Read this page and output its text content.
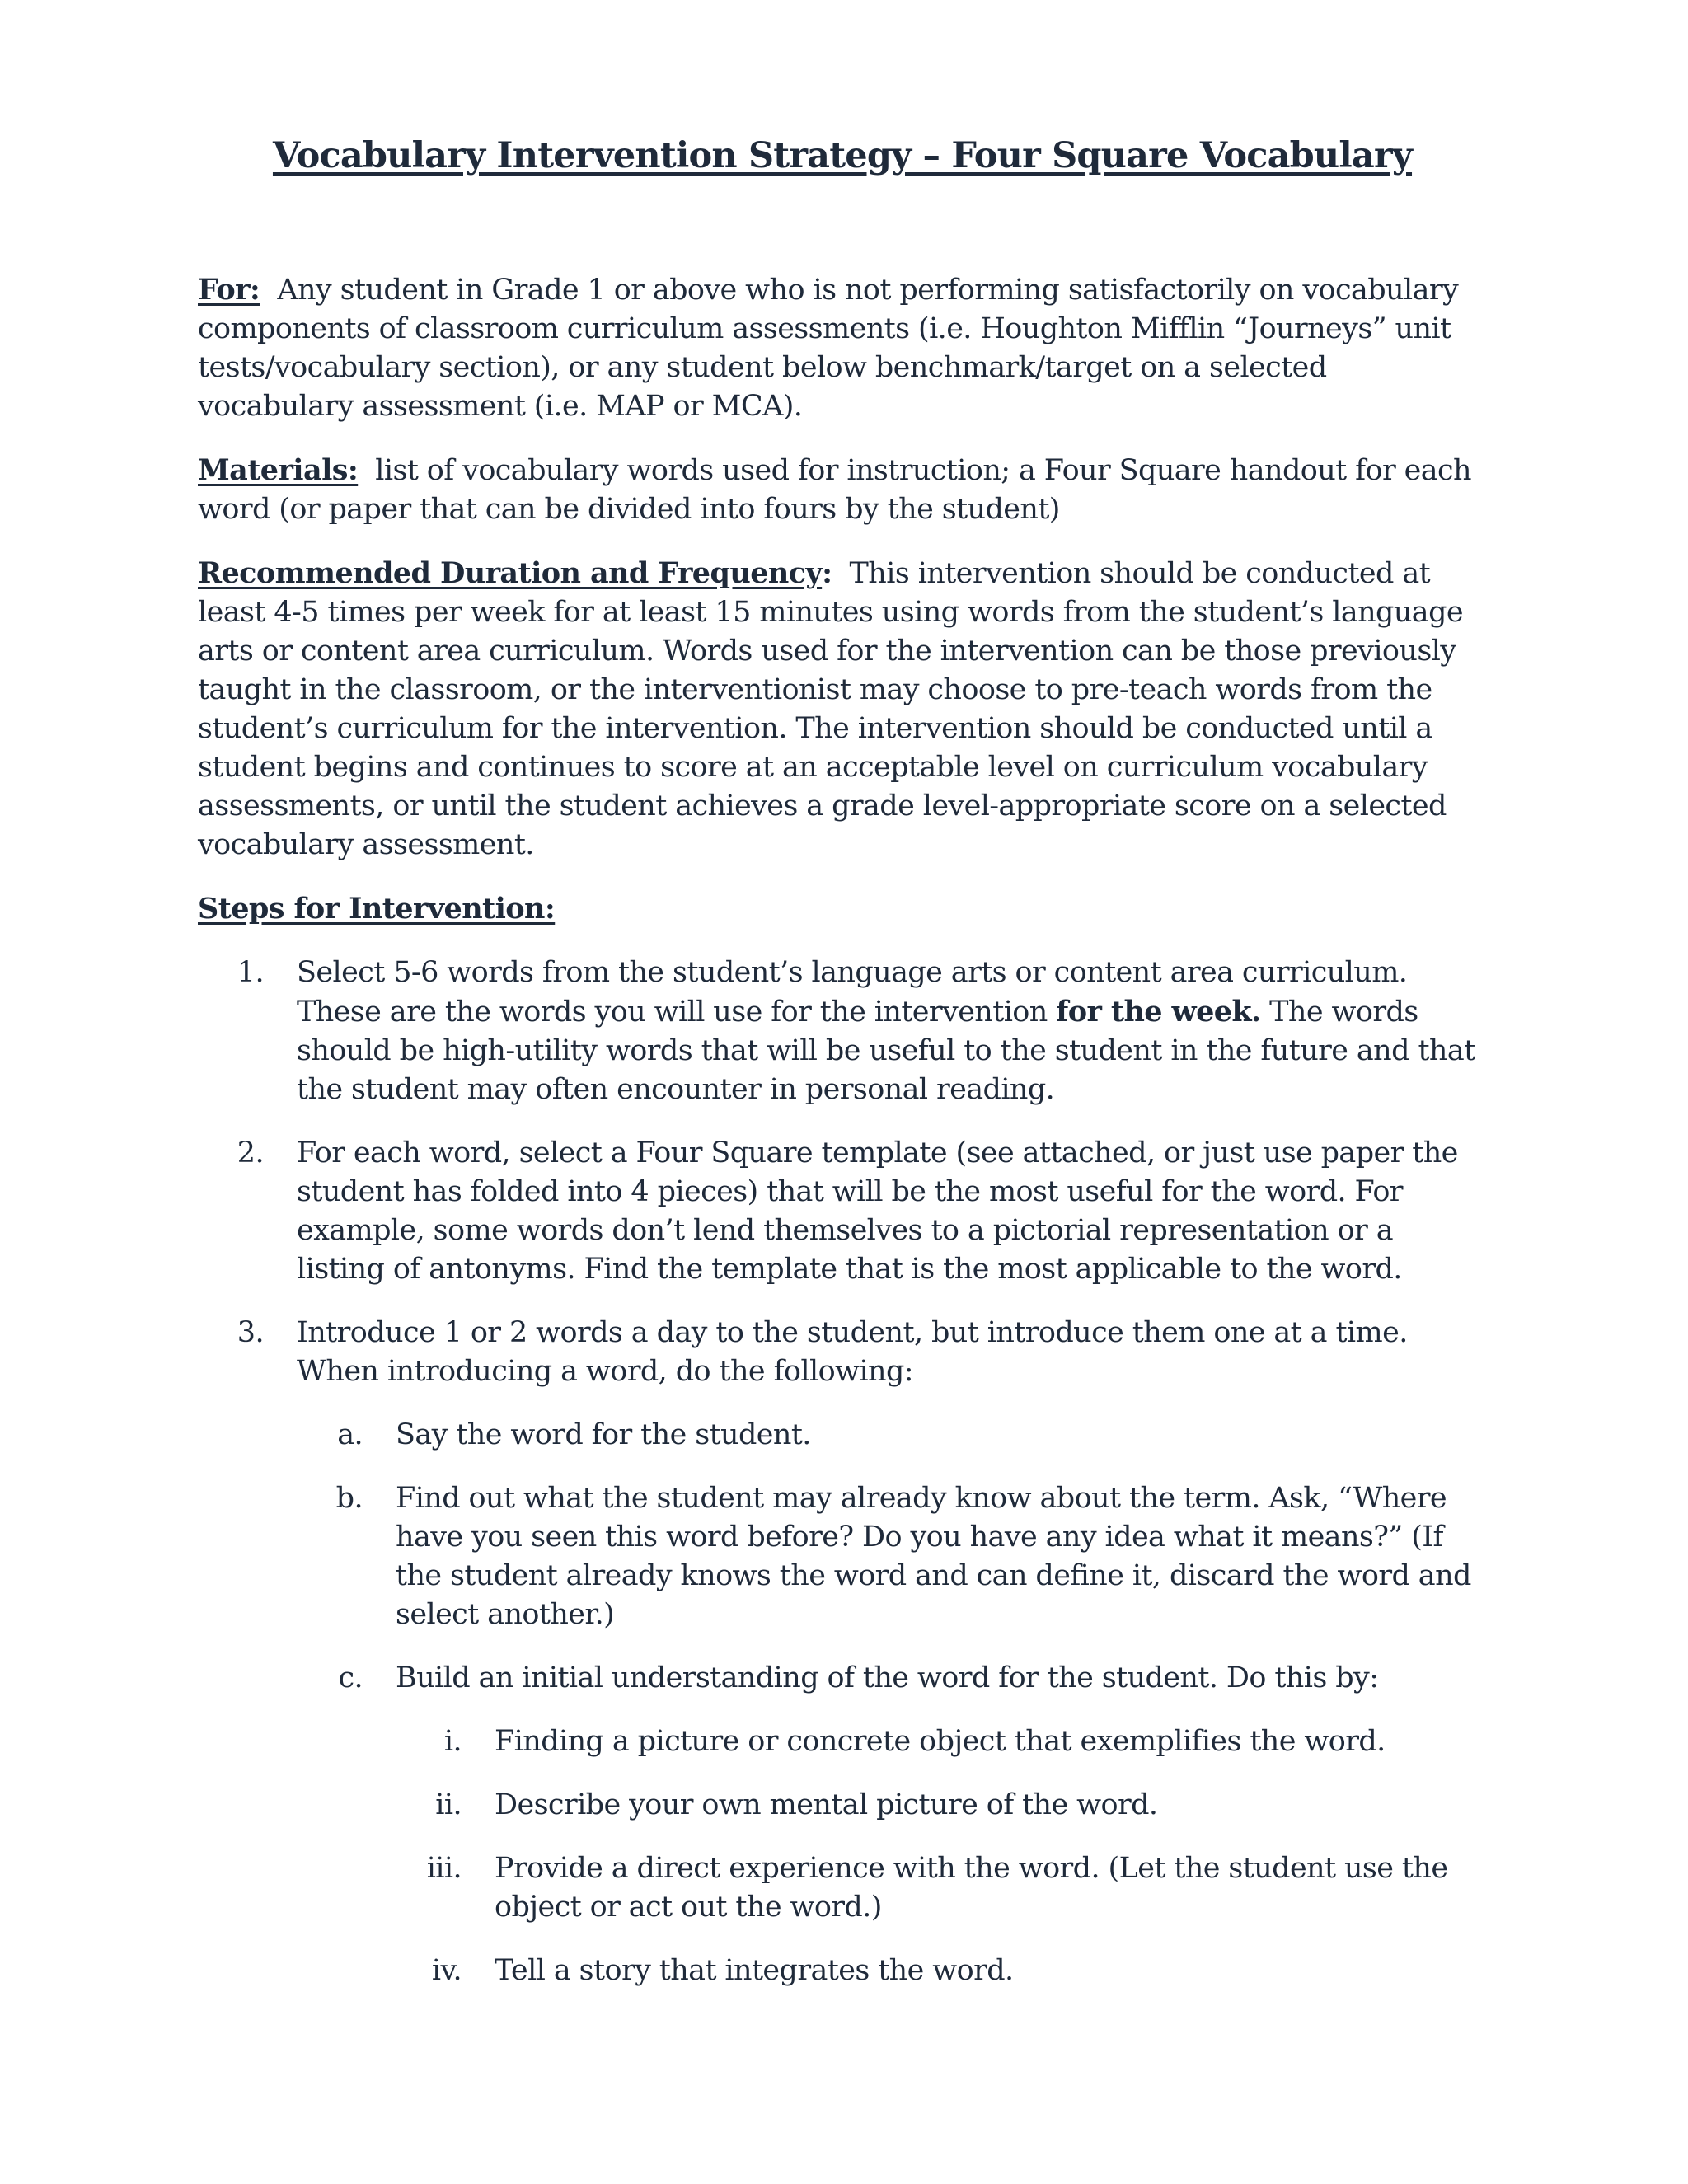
Vocabulary Intervention Strategy – Four Square Vocabulary

For: Any student in Grade 1 or above who is not performing satisfactorily on vocabulary components of classroom curriculum assessments (i.e. Houghton Mifflin “Journeys” unit tests/vocabulary section), or any student below benchmark/target on a selected vocabulary assessment (i.e. MAP or MCA).

Materials: list of vocabulary words used for instruction; a Four Square handout for each word (or paper that can be divided into fours by the student)

Recommended Duration and Frequency: This intervention should be conducted at least 4-5 times per week for at least 15 minutes using words from the student’s language arts or content area curriculum. Words used for the intervention can be those previously taught in the classroom, or the interventionist may choose to pre-teach words from the student’s curriculum for the intervention. The intervention should be conducted until a student begins and continues to score at an acceptable level on curriculum vocabulary assessments, or until the student achieves a grade level-appropriate score on a selected vocabulary assessment.

Steps for Intervention:

1. Select 5-6 words from the student’s language arts or content area curriculum. These are the words you will use for the intervention for the week. The words should be high-utility words that will be useful to the student in the future and that the student may often encounter in personal reading.
2. For each word, select a Four Square template (see attached, or just use paper the student has folded into 4 pieces) that will be the most useful for the word. For example, some words don’t lend themselves to a pictorial representation or a listing of antonyms. Find the template that is the most applicable to the word.
3. Introduce 1 or 2 words a day to the student, but introduce them one at a time. When introducing a word, do the following:
a. Say the word for the student.
b. Find out what the student may already know about the term. Ask, “Where have you seen this word before? Do you have any idea what it means?” (If the student already knows the word and can define it, discard the word and select another.)
c. Build an initial understanding of the word for the student. Do this by:
i. Finding a picture or concrete object that exemplifies the word.
ii. Describe your own mental picture of the word.
iii. Provide a direct experience with the word. (Let the student use the object or act out the word.)
iv. Tell a story that integrates the word.
